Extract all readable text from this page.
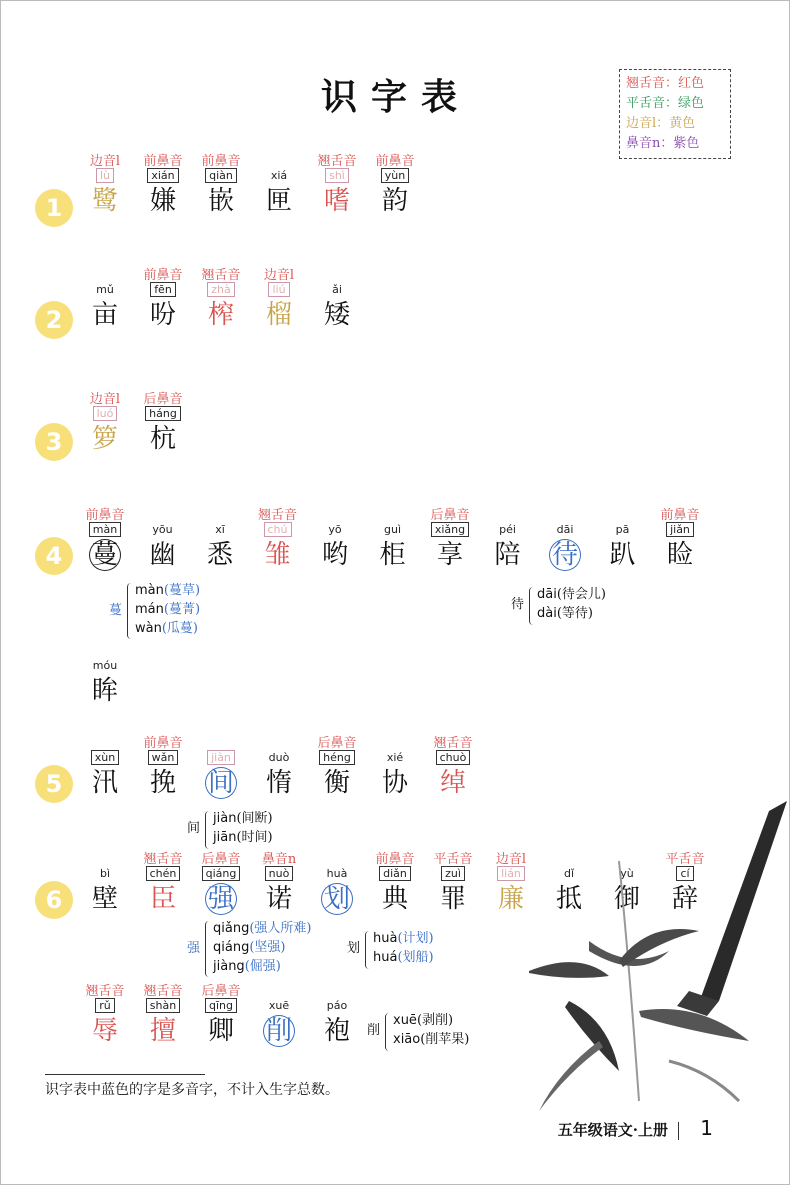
识字表	翘舌音：红色
平舌音：绿色
边音l：黄色
鼻音n：紫色
1
2
3
4
5
6
边音l
lù
鹭
前鼻音
xián
嫌
前鼻音
qiàn
嵌
xiá
匣
翘舌音
shì
嗜
前鼻音
yùn
韵
mǔ
亩
前鼻音
fēn
吩
翘舌音
zhà
榨
边音l
liú
榴
ǎi
矮
边音l
luó
箩
后鼻音
háng
杭
前鼻音
màn
蔓
yōu
幽
xī
悉
翘舌音
chú
雏
yō
哟
guì
柜
后鼻音
xiǎng
享
péi
陪
dāi
待
pā
趴
前鼻音
jiǎn
睑
móu
眸
xùn
汛
前鼻音
wǎn
挽
jiàn
间
duò
惰
后鼻音
héng
衡
xié
协
翘舌音
chuò
绰
bì
壁
翘舌音
chén
臣
后鼻音
qiáng
强
鼻音n
nuò
诺
huà
划
前鼻音
diǎn
典
平舌音
zuì
罪
边音l
lián
廉
dǐ
抵
yù
御
平舌音
cí
辞
翘舌音
rǔ
辱
翘舌音
shàn
擅
后鼻音
qīng
卿
xuē
削
páo
袍
蔓
màn(蔓草)
mán(蔓菁)
wàn(瓜蔓)
待
dāi(待会儿)
dài(等待)
间
jiàn(间断)
jiān(时间)
强
qiǎng(强人所难)
qiáng(坚强)
jiàng(倔强)
划
huà(计划)
huá(划船)
削
xuē(剥削)
xiāo(削苹果)
识字表中蓝色的字是多音字，不计入生字总数。
五年级语文·上册	1
